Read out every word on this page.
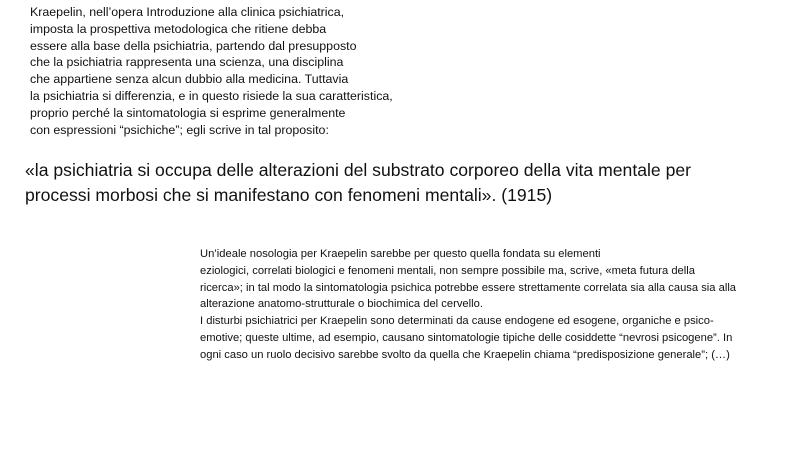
Kraepelin, nell’opera Introduzione alla clinica psichiatrica,
imposta la prospettiva metodologica che ritiene debba
essere alla base della psichiatria, partendo dal presupposto
che la psichiatria rappresenta una scienza, una disciplina
che appartiene senza alcun dubbio alla medicina. Tuttavia
la psichiatria si differenzia, e in questo risiede la sua caratteristica,
proprio perché la sintomatologia si esprime generalmente
con espressioni “psichiche”; egli scrive in tal proposito:
«la psichiatria si occupa delle alterazioni del substrato corporeo della vita mentale per
processi morbosi che si manifestano con fenomeni mentali». (1915)
Un’ideale nosologia per Kraepelin sarebbe per questo quella fondata su elementi
eziologici, correlati biologici e fenomeni mentali, non sempre possibile ma, scrive, «meta futura della
ricerca»; in tal modo la sintomatologia psichica potrebbe essere strettamente correlata sia alla causa sia alla
alterazione anatomo-strutturale o biochimica del cervello.
I disturbi psichiatrici per Kraepelin sono determinati da cause endogene ed esogene, organiche e psico-
emotive; queste ultime, ad esempio, causano sintomatologie tipiche delle cosiddette “nevrosi psicogene”. In
ogni caso un ruolo decisivo sarebbe svolto da quella che Kraepelin chiama “predisposizione generale”; (…)
